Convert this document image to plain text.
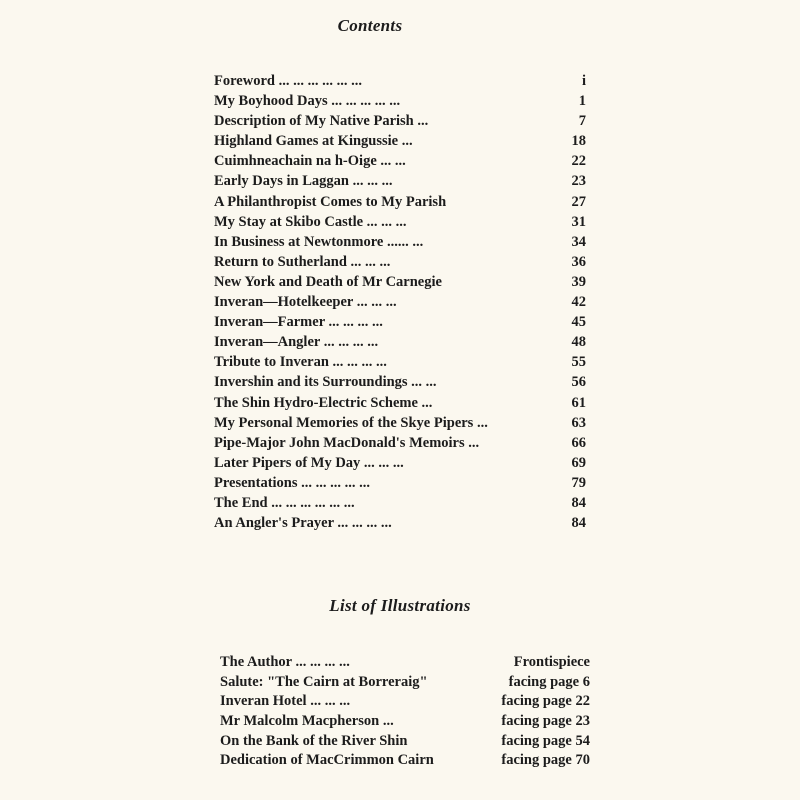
Contents
Foreword ... ... ... ... ... ...	i
My Boyhood Days ... ... ... ... ...	1
Description of My Native Parish ...	7
Highland Games at Kingussie ...	18
Cuimhneachain na h-Oige ... ...	22
Early Days in Laggan ... ... ...	23
A Philanthropist Comes to My Parish	27
My Stay at Skibo Castle ... ... ...	31
In Business at Newtonmore ...... ...	34
Return to Sutherland ... ... ...	36
New York and Death of Mr Carnegie	39
Inveran—Hotelkeeper ... ... ...	42
Inveran—Farmer ... ... ... ...	45
Inveran—Angler ... ... ... ...	48
Tribute to Inveran ... ... ... ...	55
Invershin and its Surroundings ... ...	56
The Shin Hydro-Electric Scheme ...	61
My Personal Memories of the Skye Pipers ...	63
Pipe-Major John MacDonald's Memoirs ...	66
Later Pipers of My Day ... ... ...	69
Presentations ... ... ... ... ...	79
The End ... ... ... ... ... ...	84
An Angler's Prayer ... ... ... ...	84
List of Illustrations
The Author ... ... ... ...	Frontispiece
Salute: "The Cairn at Borreraig"	facing page 6
Inveran Hotel ... ... ...	facing page 22
Mr Malcolm Macpherson ...	facing page 23
On the Bank of the River Shin	facing page 54
Dedication of MacCrimmon Cairn	facing page 70
